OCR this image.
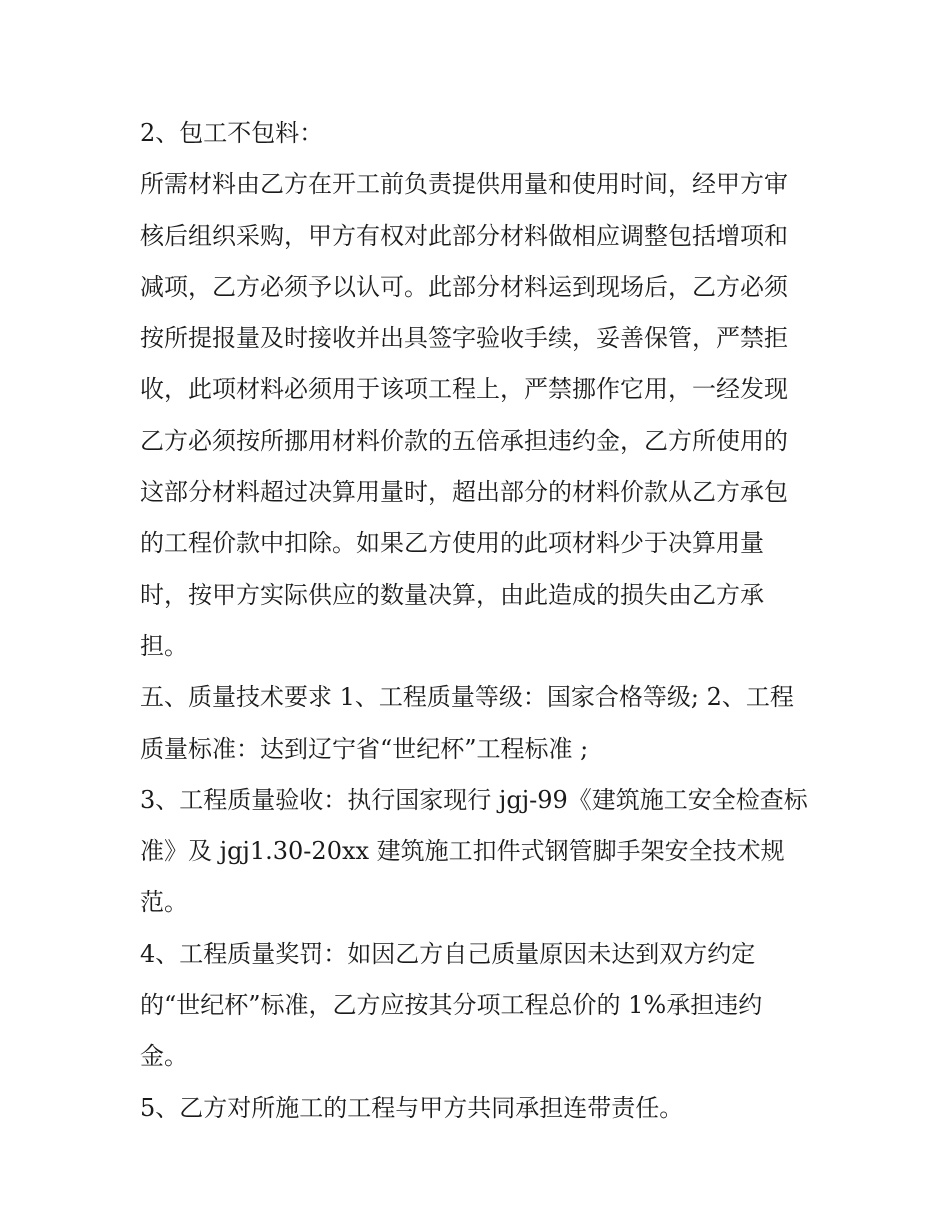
2、包工不包料：
所需材料由乙方在开工前负责提供用量和使用时间，经甲方审
核后组织采购，甲方有权对此部分材料做相应调整包括增项和
减项，乙方必须予以认可。此部分材料运到现场后，乙方必须
按所提报量及时接收并出具签字验收手续，妥善保管，严禁拒
收，此项材料必须用于该项工程上，严禁挪作它用，一经发现
乙方必须按所挪用材料价款的五倍承担违约金，乙方所使用的
这部分材料超过决算用量时，超出部分的材料价款从乙方承包
的工程价款中扣除。如果乙方使用的此项材料少于决算用量
时，按甲方实际供应的数量决算，由此造成的损失由乙方承
担。
五、质量技术要求 1、工程质量等级：国家合格等级; 2、工程
质量标准：达到辽宁省“世纪杯”工程标准 ;
3、工程质量验收：执行国家现行 jgj-99《建筑施工安全检查标
准》及 jgj1.30-20xx 建筑施工扣件式钢管脚手架安全技术规
范。
4、工程质量奖罚：如因乙方自己质量原因未达到双方约定
的“世纪杯”标准，乙方应按其分项工程总价的 1%承担违约
金。
5、乙方对所施工的工程与甲方共同承担连带责任。
